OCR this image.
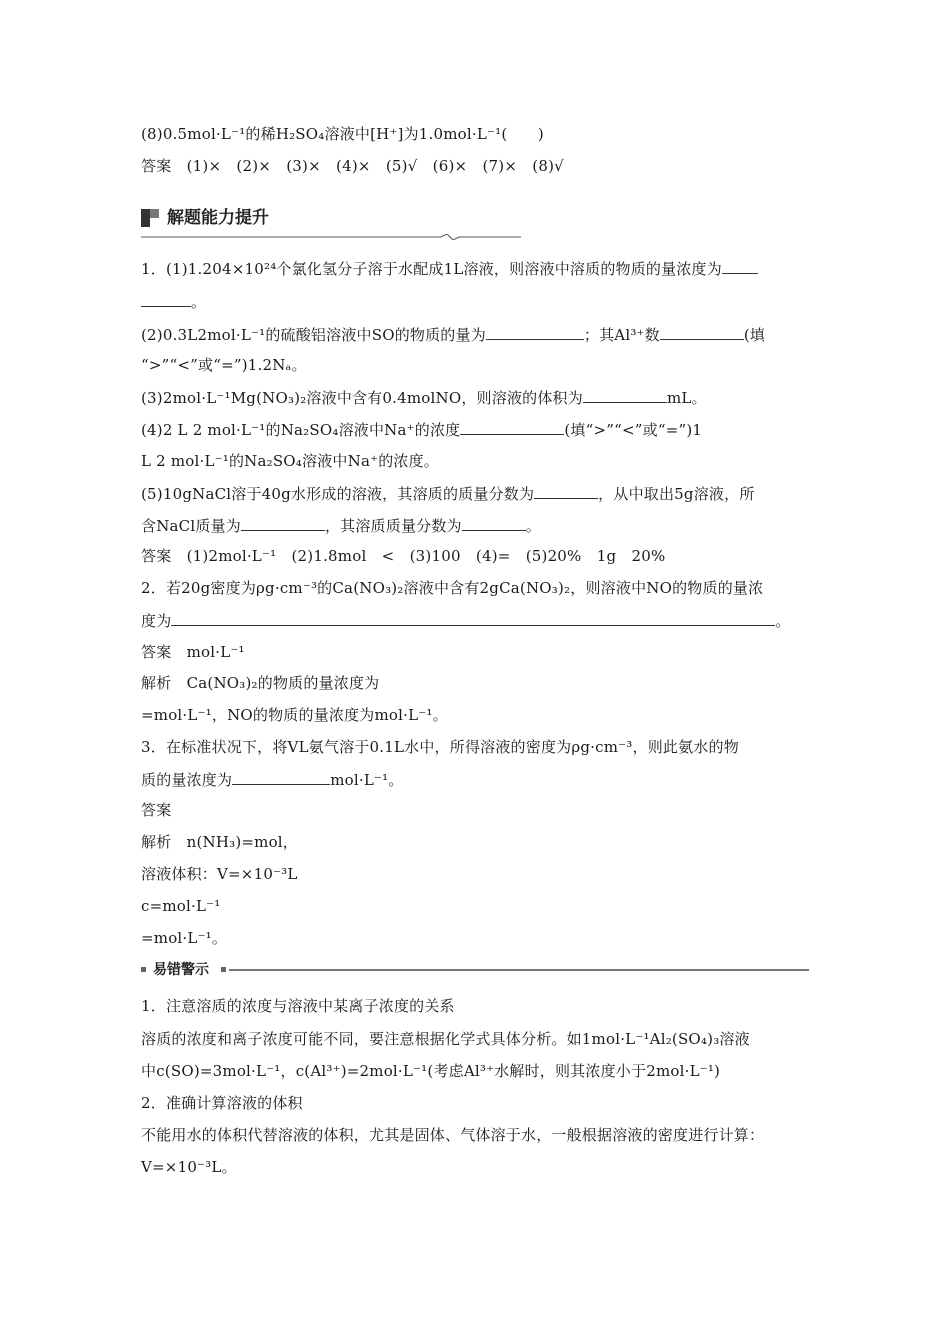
(8)0.5mol·L⁻¹的稀H₂SO₄溶液中[H⁺]为1.0mol·L⁻¹(　　)
答案　(1)×　(2)×　(3)×　(4)×　(5)√　(6)×　(7)×　(8)√
解题能力提升
1．(1)1.204×10²⁴个氯化氢分子溶于水配成1L溶液，则溶液中溶质的物质的量浓度为
。
(2)0.3L2mol·L⁻¹的硫酸铝溶液中SO的物质的量为	；其Al³⁺数	(填
“>”“<”或“=”)1.2Nₐ。
(3)2mol·L⁻¹Mg(NO₃)₂溶液中含有0.4molNO，则溶液的体积为	mL。
(4)2 L 2 mol·L⁻¹的Na₂SO₄溶液中Na⁺的浓度	(填“>”“<”或“=”)1
L 2 mol·L⁻¹的Na₂SO₄溶液中Na⁺的浓度。
(5)10gNaCl溶于40g水形成的溶液，其溶质的质量分数为	，从中取出5g溶液，所
含NaCl质量为	，其溶质质量分数为	。
答案　(1)2mol·L⁻¹　(2)1.8mol　<　(3)100　(4)=　(5)20%　1g　20%
2．若20g密度为ρg·cm⁻³的Ca(NO₃)₂溶液中含有2gCa(NO₃)₂，则溶液中NO的物质的量浓
度为	。
答案　mol·L⁻¹
解析　Ca(NO₃)₂的物质的量浓度为
=mol·L⁻¹，NO的物质的量浓度为mol·L⁻¹。
3．在标准状况下，将VL氨气溶于0.1L水中，所得溶液的密度为ρg·cm⁻³，则此氨水的物
质的量浓度为	mol·L⁻¹。
答案
解析　n(NH₃)=mol，
溶液体积：V=×10⁻³L
c=mol·L⁻¹
=mol·L⁻¹。
易错警示
1．注意溶质的浓度与溶液中某离子浓度的关系
溶质的浓度和离子浓度可能不同，要注意根据化学式具体分析。如1mol·L⁻¹Al₂(SO₄)₃溶液
中c(SO)=3mol·L⁻¹，c(Al³⁺)=2mol·L⁻¹(考虑Al³⁺水解时，则其浓度小于2mol·L⁻¹)
2．准确计算溶液的体积
不能用水的体积代替溶液的体积，尤其是固体、气体溶于水，一般根据溶液的密度进行计算：
V=×10⁻³L。
